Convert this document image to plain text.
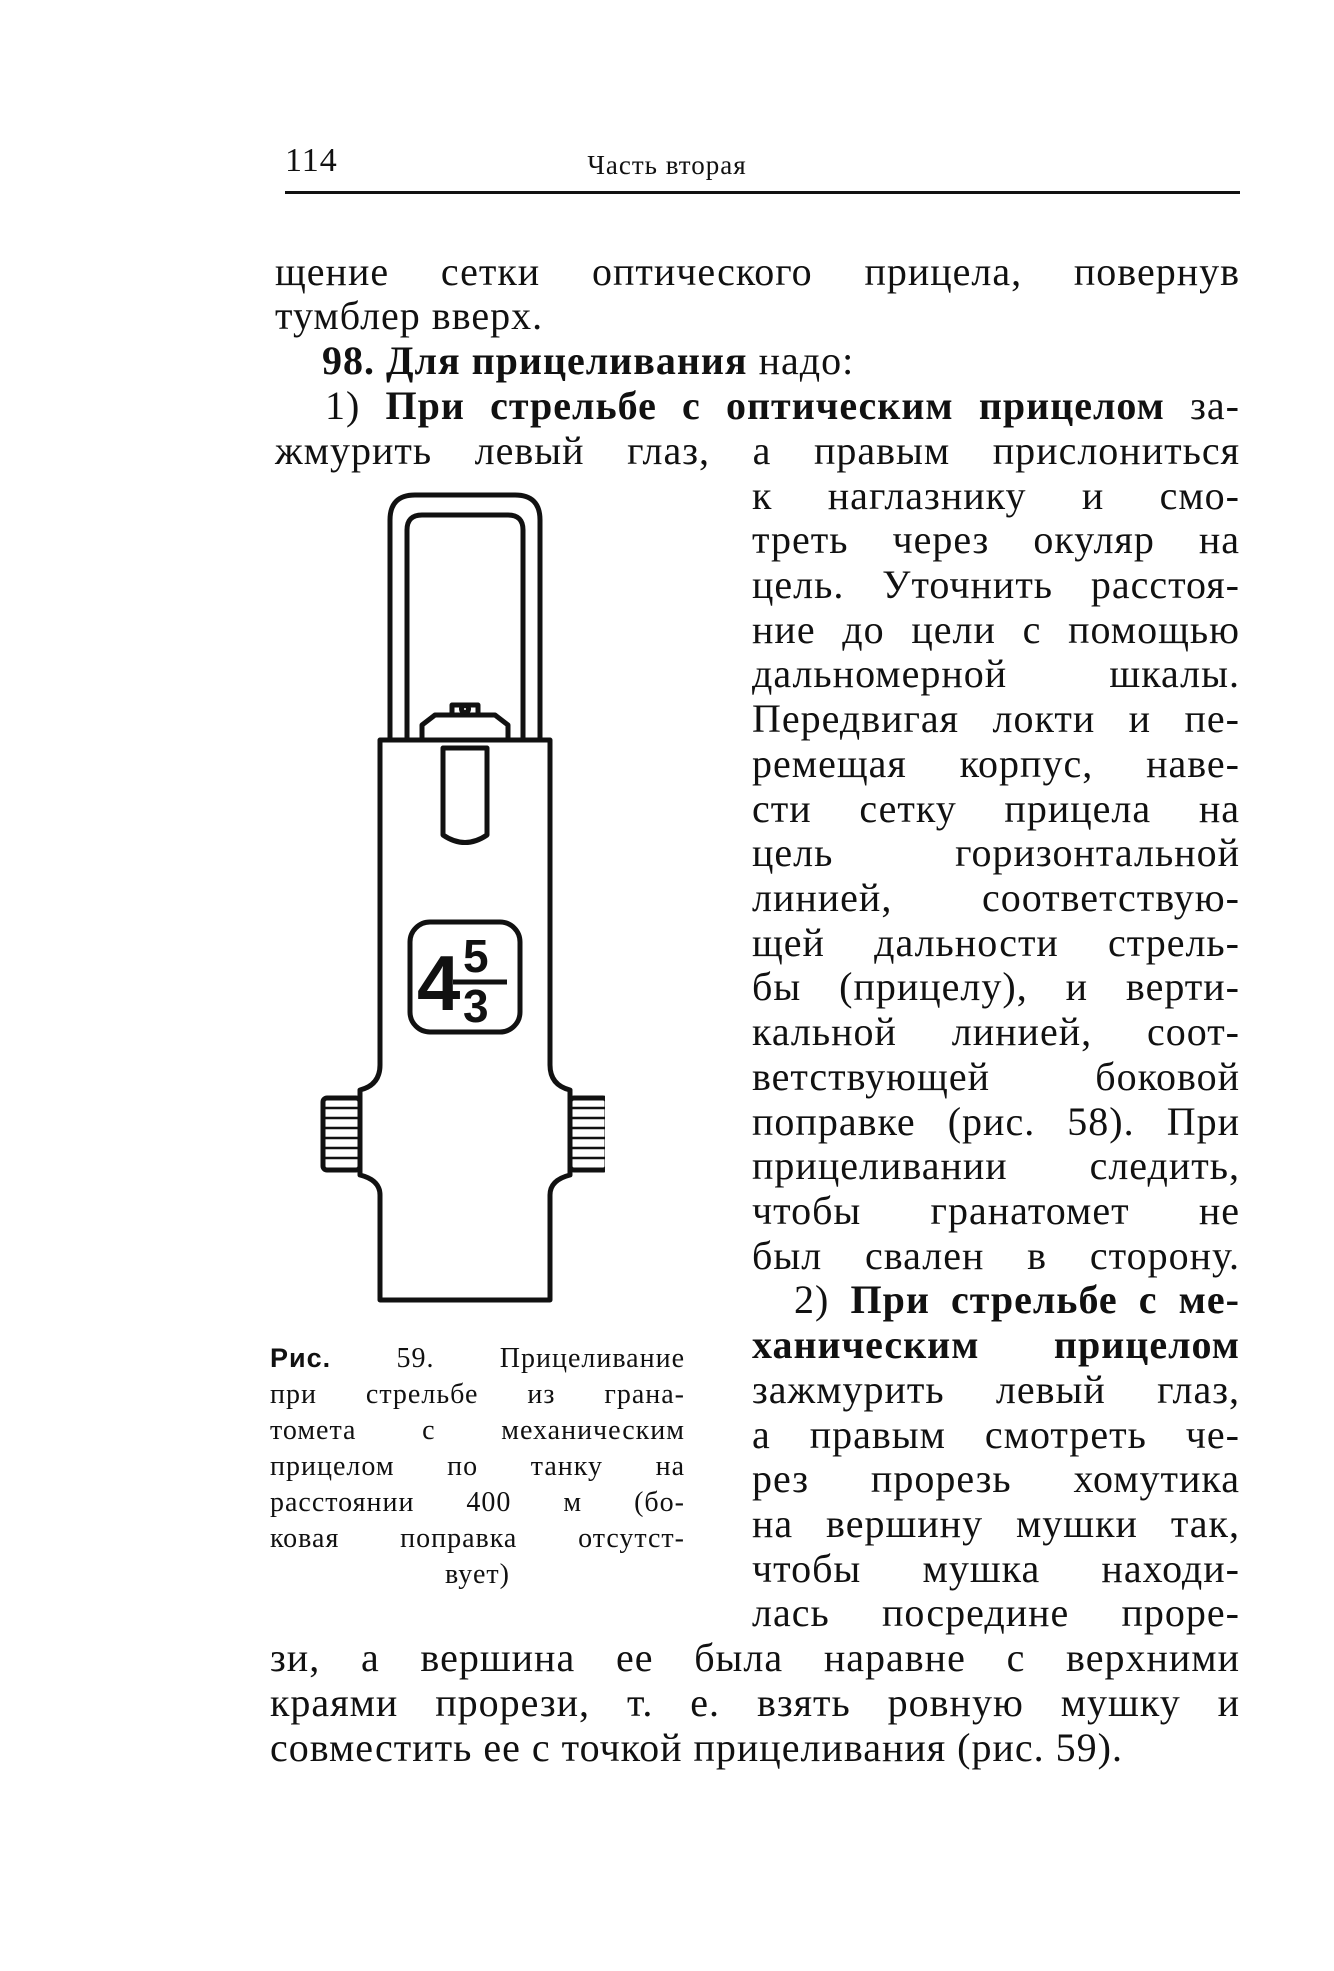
114	Часть вторая
щение сетки оптического прицела, повернув
тумблер вверх.
98. Для прицеливания надо:
1) При стрельбе с оптическим прицелом за-
жмурить левый глаз, а правым прислониться
к наглазнику и смо-
треть через окуляр на
цель. Уточнить расстоя-
ние до цели с помощью
дальномерной шкалы.
Передвигая локти и пе-
ремещая корпус, наве-
сти сетку прицела на
цель горизонтальной
линией, соответствую-
щей дальности стрель-
бы (прицелу), и верти-
кальной линией, соот-
ветствующей боковой
поправке (рис. 58). При
прицеливании следить,
чтобы гранатомет не
был свален в сторону.
2) При стрельбе с ме-
ханическим прицелом
зажмурить левый глаз,
а правым смотреть че-
рез прорезь хомутика
на вершину мушки так,
чтобы мушка находи-
лась посредине проре-
зи, а вершина ее была наравне с верхними
краями прорези, т. е. взять ровную мушку и
совместить ее с точкой прицеливания (рис. 59).
4 5
3
Рис. 59. Прицеливание
при стрельбе из грана-
томета с механическим
прицелом по танку на
расстоянии 400 м (бо-
ковая поправка отсутст-
вует)
